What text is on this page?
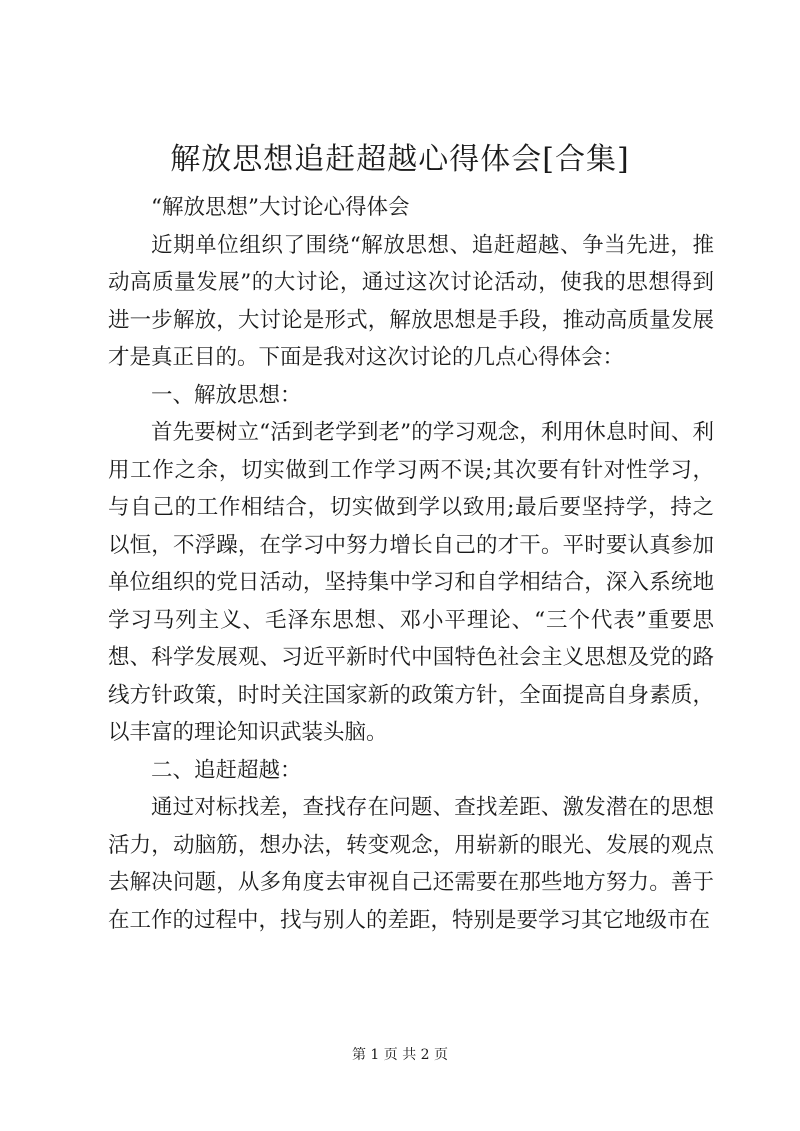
解放思想追赶超越心得体会[合集]

“解放思想”大讨论心得体会

近期单位组织了围绕“解放思想、追赶超越、争当先进，推动高质量发展”的大讨论，通过这次讨论活动，使我的思想得到进一步解放，大讨论是形式，解放思想是手段，推动高质量发展才是真正目的。下面是我对这次讨论的几点心得体会：

一、解放思想：

首先要树立“活到老学到老”的学习观念，利用休息时间、利用工作之余，切实做到工作学习两不误;其次要有针对性学习，与自己的工作相结合，切实做到学以致用;最后要坚持学，持之以恒，不浮躁，在学习中努力增长自己的才干。平时要认真参加单位组织的党日活动，坚持集中学习和自学相结合，深入系统地学习马列主义、毛泽东思想、邓小平理论、“三个代表”重要思想、科学发展观、习近平新时代中国特色社会主义思想及党的路线方针政策，时时关注国家新的政策方针，全面提高自身素质，以丰富的理论知识武装头脑。

二、追赶超越：

通过对标找差，查找存在问题、查找差距、激发潜在的思想活力，动脑筋，想办法，转变观念，用崭新的眼光、发展的观点去解决问题，从多角度去审视自己还需要在那些地方努力。善于在工作的过程中，找与别人的差距，特别是要学习其它地级市在

第 1 页 共 2 页
